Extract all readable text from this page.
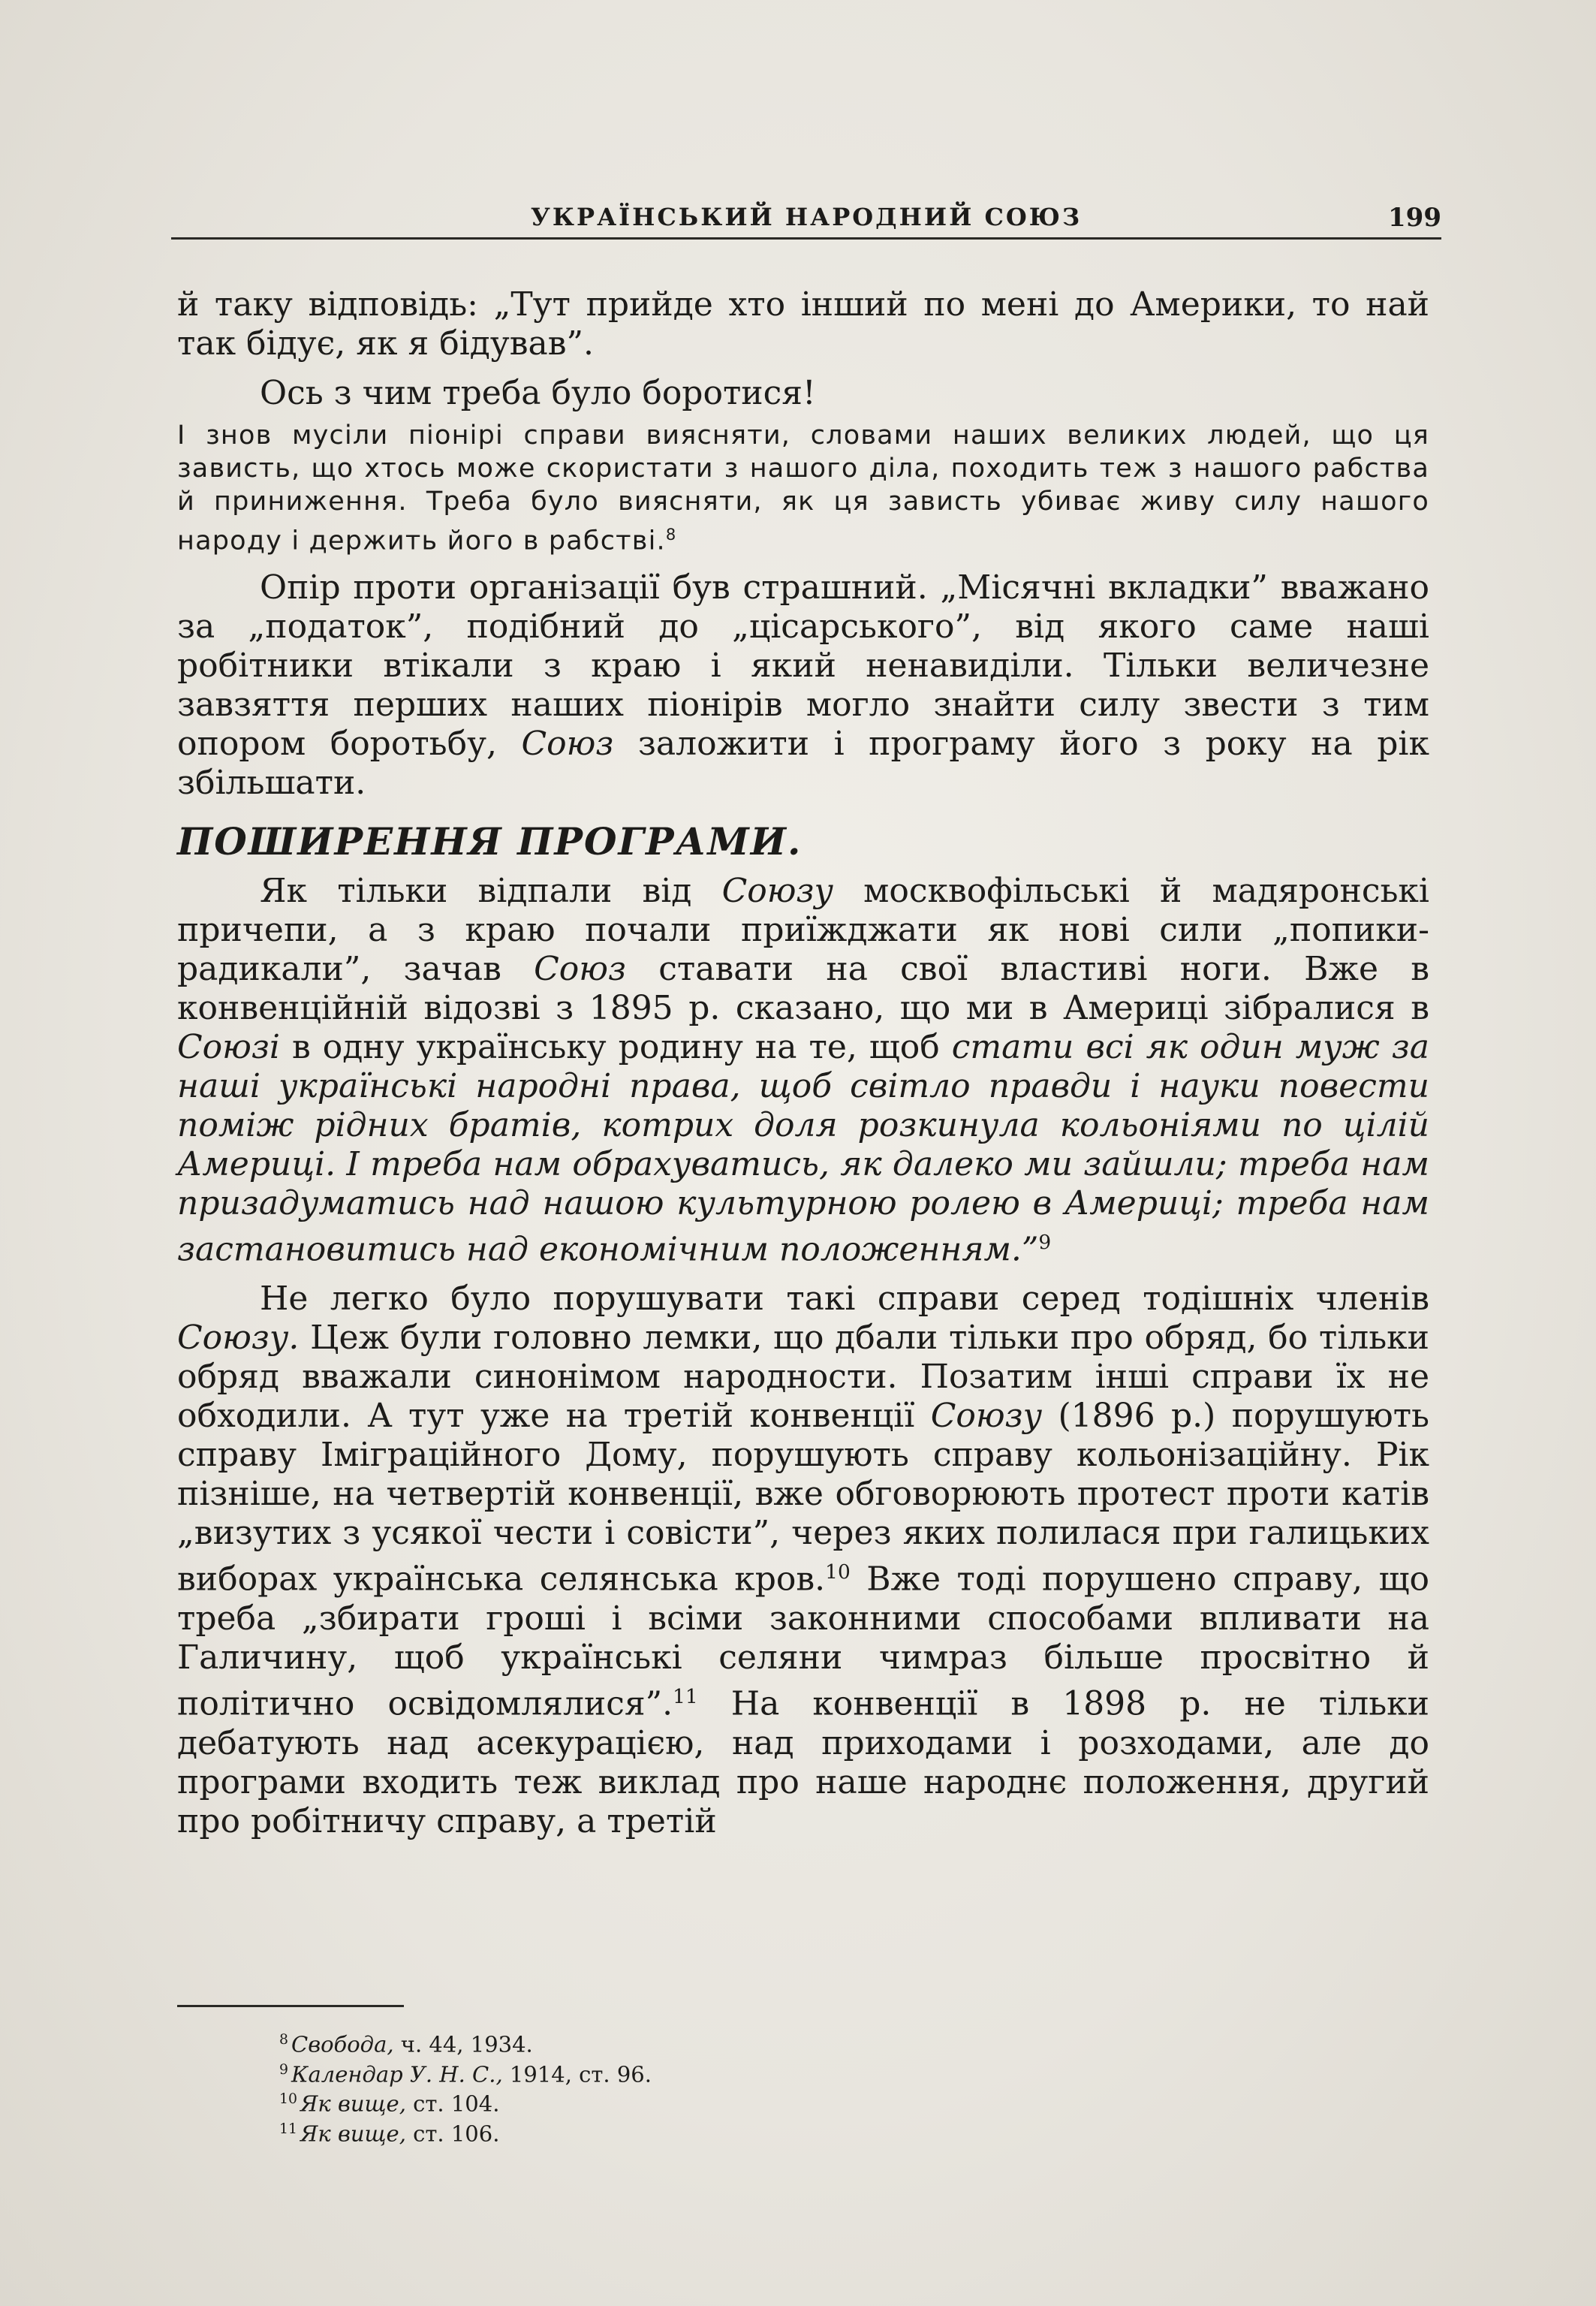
УКРАЇНСЬКИЙ НАРОДНИЙ СОЮЗ	199

й таку відповідь: „Тут прийде хто інший по мені до Америки, то най так бідує, як я бідував”.

Ось з чим треба було боротися!

І знов мусіли піонірі справи виясняти, словами наших великих людей, що ця зависть, що хтось може скористати з нашого діла, походить теж з нашого рабства й приниження. Треба було виясняти, як ця зависть убиває живу силу нашого народу і держить його в рабстві.$^8$

Опір проти організації був страшний. „Місячні вкладки” вважано за „податок”, подібний до „цісарського”, від якого саме наші робітники втікали з краю і який ненавиділи. Тільки величезне завзяття перших наших піонірів могло знайти силу звести з тим опором боротьбу, Союз заложити і програму його з року на рік збільшати.

ПОШИРЕННЯ ПРОГРАМИ.

Як тільки відпали від Союзу москвофільські й мадяронські причепи, а з краю почали приїжджати як нові сили „попики-радикали”, зачав Союз ставати на свої властиві ноги. Вже в конвенційній відозві з 1895 р. сказано, що ми в Америці зібралися в Союзі в одну українську родину на те, щоб стати всі як один муж за наші українські народні права, щоб світло правди і науки повести поміж рідних братів, котрих доля розкинула кольоніями по цілій Америці. І треба нам обрахуватись, як далеко ми зайшли; треба нам призадуматись над нашою культурною ролею в Америці; треба нам застановитись над економічним положенням.”$^9$

Не легко було порушувати такі справи серед тодішніх членів Союзу. Цеж були головно лемки, що дбали тільки про обряд, бо тільки обряд вважали синонімом народности. Позатим інші справи їх не обходили. А тут уже на третій конвенції Союзу (1896 р.) порушують справу Іміграційного Дому, порушують справу кольонізаційну. Рік пізніше, на четвертій конвенції, вже обговорюють протест проти катів „визутих з усякої чести і совісти”, через яких полилася при галицьких виборах українська селянська кров.$^{10}$ Вже тоді порушено справу, що треба „збирати гроші і всіми законними способами впливати на Галичину, щоб українські селяни чимраз більше просвітно й політично освідомлялися”.$^{11}$ На конвенції в 1898 р. не тільки дебатують над асекурацією, над приходами і розходами, але до програми входить теж виклад про наше народнє положення, другий про робітничу справу, а третій

$^8$ Свобода, ч. 44, 1934.

$^9$ Календар У. Н. С., 1914, ст. 96.

$^{10}$ Як вище, ст. 104.

$^{11}$ Як вище, ст. 106.
